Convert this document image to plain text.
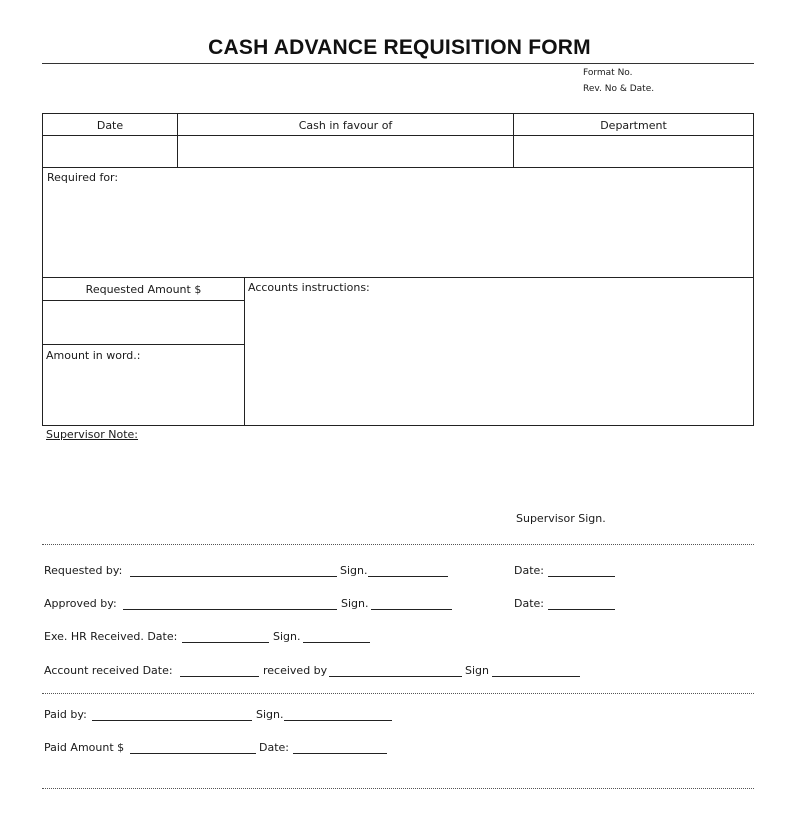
CASH ADVANCE REQUISITION FORM
Format No.
Rev. No & Date.
Date	Cash in favour of	Department
Required for:
Requested Amount $
Amount in word.:
Accounts instructions:
Supervisor Note:
Supervisor Sign.
Requested by:	Sign.	Date:
Approved by:	Sign.	Date:
Exe. HR Received. Date:	Sign.
Account received Date:	received by	Sign
Paid by:	Sign.
Paid Amount $	Date:
